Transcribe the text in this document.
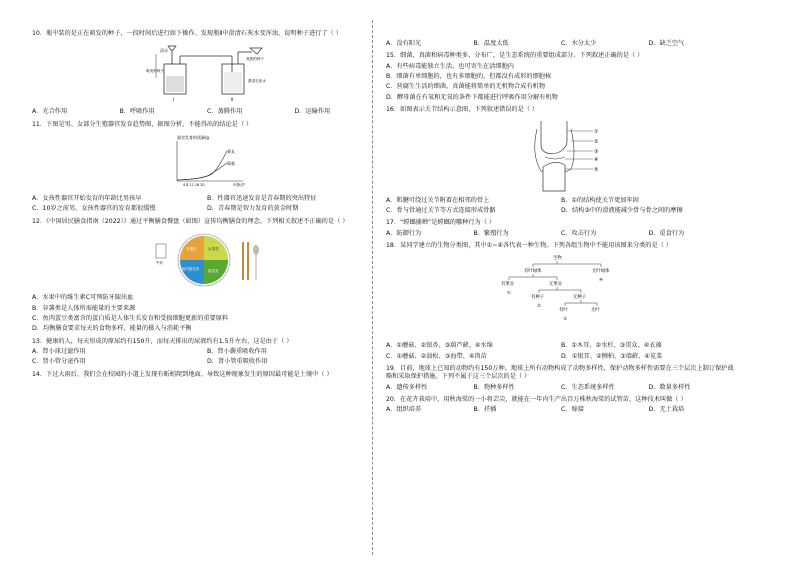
10．瓶中装的是正在萌发的种子，一段时间后进行如下操作。发现瓶Ⅱ中澄清石灰水变浑浊，说明种子进行了（ ）

清水
萌发的种子
煮熟的种子
澄清石灰水
Ⅰ	Ⅱ
A．光合作用	B．呼吸作用	C．蒸腾作用	D．运输作用

11．下图是男、女部分生殖器官发育趋势图，据图分析，不能得出的结论是（ ）

器官发育的质量/g
睾丸
卵巢
4 8 12 16 20	年龄/岁
A．女孩性器官开始发育的年龄比男孩早	B．性器官迅速发育是青春期的突出特征
C．10岁之前男、女孩性器官的发育都很缓慢	D．青春期是智力发育的黄金时期

12．《中国居民膳食指南（2022）》通过平衡膳食餐盘（如图）宣传均衡膳食的理念。下列相关叙述不正确的是（ ）

牛奶
谷薯类
鱼肉蛋豆类	蔬菜类
水果类

A．水果中的维生素C可预防牙龈出血

B．谷薯类是人体所需能量的主要来源

C．鱼肉蛋豆类富含的蛋白质是人体生长发育和受损细胞更新的重要原料

D．均衡膳食要求每天的食物多样，能量的摄入与消耗平衡

13．健康的人，每天形成的原尿约有150升，而每天排出的尿液约有1.5升左右，这是由于（ ）

A．肾小球过滤作用	B．肾小囊重吸收作用
C．肾小管分泌作用	D．肾小管重吸收作用

14．下过大雨后，我们会在校园的小道上发现有蚯蚓爬到地面，导致这种现象发生的原因最可能是土壤中（ ）

A．没有阳光	B．温度太低	C．水分太少	D．缺乏空气

15．细菌、真菌和病毒种类多、分布广，是生态系统的重要组成部分。下列叙述正确的是（ ）

A．有些病毒能独立生活，也可寄生在活细胞内

B．细菌有单细胞的，也有多细胞的，但都没有成形的细胞核

C．营腐生生活的细菌、真菌能将简单的无机物合成有机物

D．酵母菌在有氧和无氧的条件下都能进行呼吸作用分解有机物

16．如图表示关节结构示意图，下列叙述错误的是（ ）

①
②
③
④
⑤
A．肌腱可绕过关节附着在相邻的骨上	B．①的结构使关节更加牢固
C．骨与骨通过关节等方式连接形成骨骼	D．结构③中的滑液能减少骨与骨之间的摩擦

17．“螳螂捕蝉”是螳螂的哪种行为（ ）

A．防御行为	B．繁殖行为	C．攻击行为	D．觅食行为

18．某同学建立的生物分类图，其中①~④各代表一种生物。下列各组生物中不能用该图来分类的是（ ）

生物
有叶绿体	无叶绿体
④
有果实	无果实
①
有种子	无种子
②
有叶	无叶
③
A．①蘑菇、②银杏、③葫芦藓、④水绵	B．①木耳、②水杉、③贯众、④衣藻
C．①蘑菇、②油松、③海带、④肉苗	D．①银耳、②侧柏、③墙藓、④苋菜

19．目前，地球上已知的动物约有150万种。地球上所有动物构成了动物多样性，保护动物多样性需要在三个层次上制订保护战略和采取保护措施。下列不属于这三个层次的是（ ）

A．遗传多样性	B．物种多样性	C．生态系统多样性	D．数量多样性

20．在花卉栽培中，用秋海棠的一小将芸尖，就能在一年内生产出百万株秋海棠的试管苗，这种技术叫做（ ）

A．组织培养	B．扦插	C．嫁接	D．无土栽培
